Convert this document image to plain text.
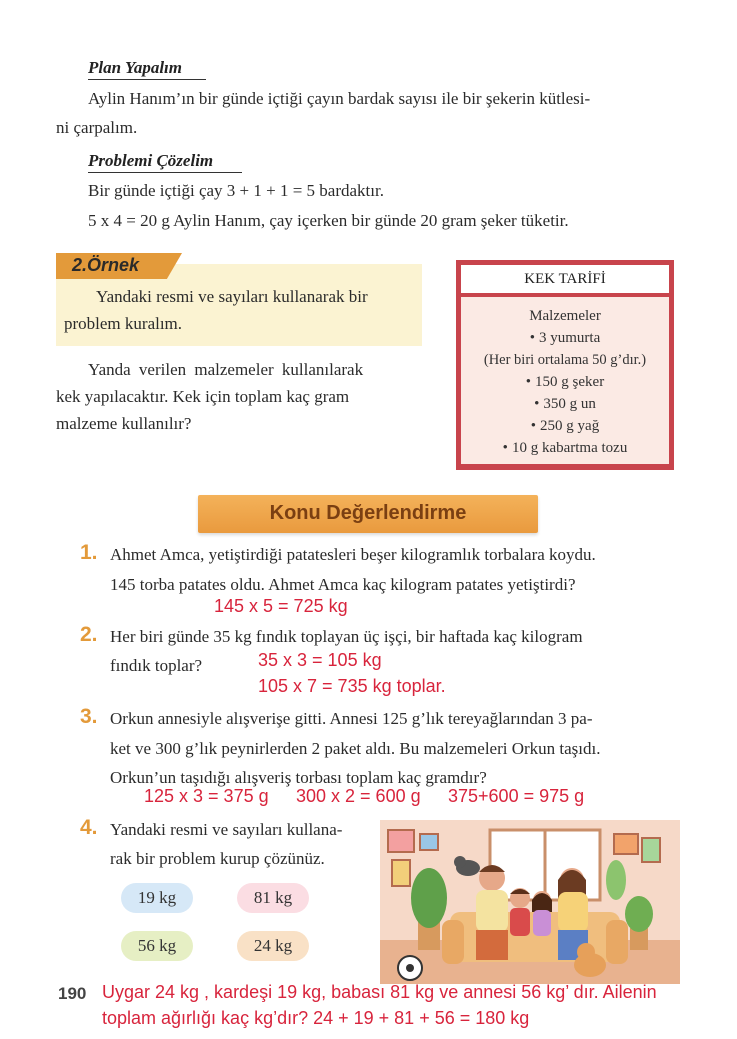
Plan Yapalım
Aylin Hanım’ın bir günde içtiği çayın bardak sayısı ile bir şekerin kütlesi-
ni çarpalım.
Problemi Çözelim
Bir günde içtiği çay 3 + 1 + 1 = 5 bardaktır.
5 x 4 = 20 g Aylin Hanım, çay içerken bir günde 20 gram şeker tüketir.
2.Örnek
Yandaki resmi ve sayıları kullanarak bir
problem kuralım.
Yanda verilen malzemeler kullanılarak
kek yapılacaktır. Kek için toplam kaç gram
malzeme kullanılır?
KEK TARİFİ
Malzemeler
• 3 yumurta
(Her biri ortalama 50 g’dır.)
• 150 g şeker
• 350 g un
• 250 g yağ
• 10 g kabartma tozu
Konu Değerlendirme
1. Ahmet Amca, yetiştirdiği patatesleri beşer kilogramlık torbalara koydu.
145 torba patates oldu. Ahmet Amca kaç kilogram patates yetiştirdi?
145 x 5 = 725 kg
2. Her biri günde 35 kg fındık toplayan üç işçi, bir haftada kaç kilogram
fındık toplar?	35 x 3 = 105 kg
105 x 7 = 735 kg toplar.
3. Orkun annesiyle alışverişe gitti. Annesi 125 g’lık tereyağlarından 3 pa-
ket ve 300 g’lık peynirlerden 2 paket aldı. Bu malzemeleri Orkun taşıdı.
Orkun’un taşıdığı alışveriş torbası toplam kaç gramdır?
125 x 3 = 375 g 300 x 2 = 600 g 375+600 = 975 g
4. Yandaki resmi ve sayıları kullana-
rak bir problem kurup çözünüz.
19 kg	81 kg
56 kg	24 kg
190 Uygar 24 kg , kardeşi 19 kg, babası 81 kg ve annesi 56 kg’ dır. Ailenin
toplam ağırlığı kaç kg’dır? 24 + 19 + 81 + 56 = 180 kg
